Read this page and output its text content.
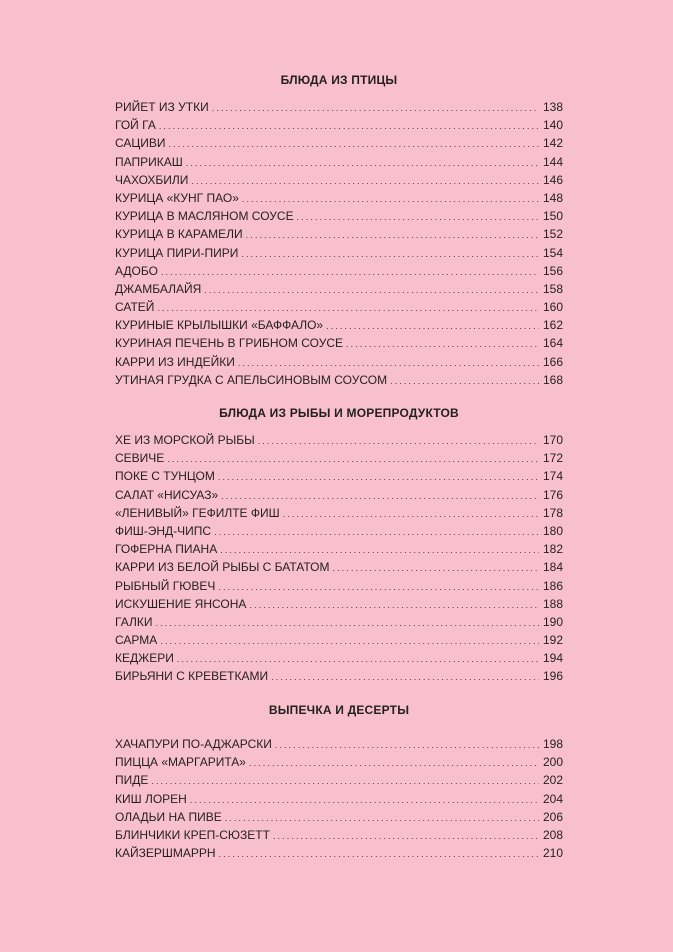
БЛЮДА ИЗ ПТИЦЫ
РИЙЕТ ИЗ УТКИ .....	138
ГОЙ ГА .....	140
САЦИВИ .....	142
ПАПРИКАШ .....	144
ЧАХОХБИЛИ .....	146
КУРИЦА «КУНГ ПАО» .....	148
КУРИЦА В МАСЛЯНОМ СОУСЕ .....	150
КУРИЦА В КАРАМЕЛИ .....	152
КУРИЦА ПИРИ-ПИРИ .....	154
АДОБО .....	156
ДЖАМБАЛАЙЯ .....	158
САТЕЙ .....	160
КУРИНЫЕ КРЫЛЫШКИ «БАФФАЛО» .....	162
КУРИНАЯ ПЕЧЕНЬ В ГРИБНОМ СОУСЕ .....	164
КАРРИ ИЗ ИНДЕЙКИ .....	166
УТИНАЯ ГРУДКА С АПЕЛЬСИНОВЫМ СОУСОМ .....	168
БЛЮДА ИЗ РЫБЫ И МОРЕПРОДУКТОВ
ХЕ ИЗ МОРСКОЙ РЫБЫ .....	170
СЕВИЧЕ .....	172
ПОКЕ С ТУНЦОМ .....	174
САЛАТ «НИСУАЗ» .....	176
«ЛЕНИВЫЙ» ГЕФИЛТЕ ФИШ .....	178
ФИШ-ЭНД-ЧИПС .....	180
ГОФЕРНА ПИАНА .....	182
КАРРИ ИЗ БЕЛОЙ РЫБЫ С БАТАТОМ .....	184
РЫБНЫЙ ГЮВЕЧ .....	186
ИСКУШЕНИЕ ЯНСОНА .....	188
ГАЛКИ .....	190
САРМА .....	192
КЕДЖЕРИ .....	194
БИРЬЯНИ С КРЕВЕТКАМИ .....	196
ВЫПЕЧКА И ДЕСЕРТЫ
ХАЧАПУРИ ПО-АДЖАРСКИ .....	198
ПИЦЦА «МАРГАРИТА» .....	200
ПИДЕ .....	202
КИШ ЛОРЕН .....	204
ОЛАДЬИ НА ПИВЕ .....	206
БЛИНЧИКИ КРЕП-СЮЗЕТТ .....	208
КАЙЗЕРШМАРРН .....	210
